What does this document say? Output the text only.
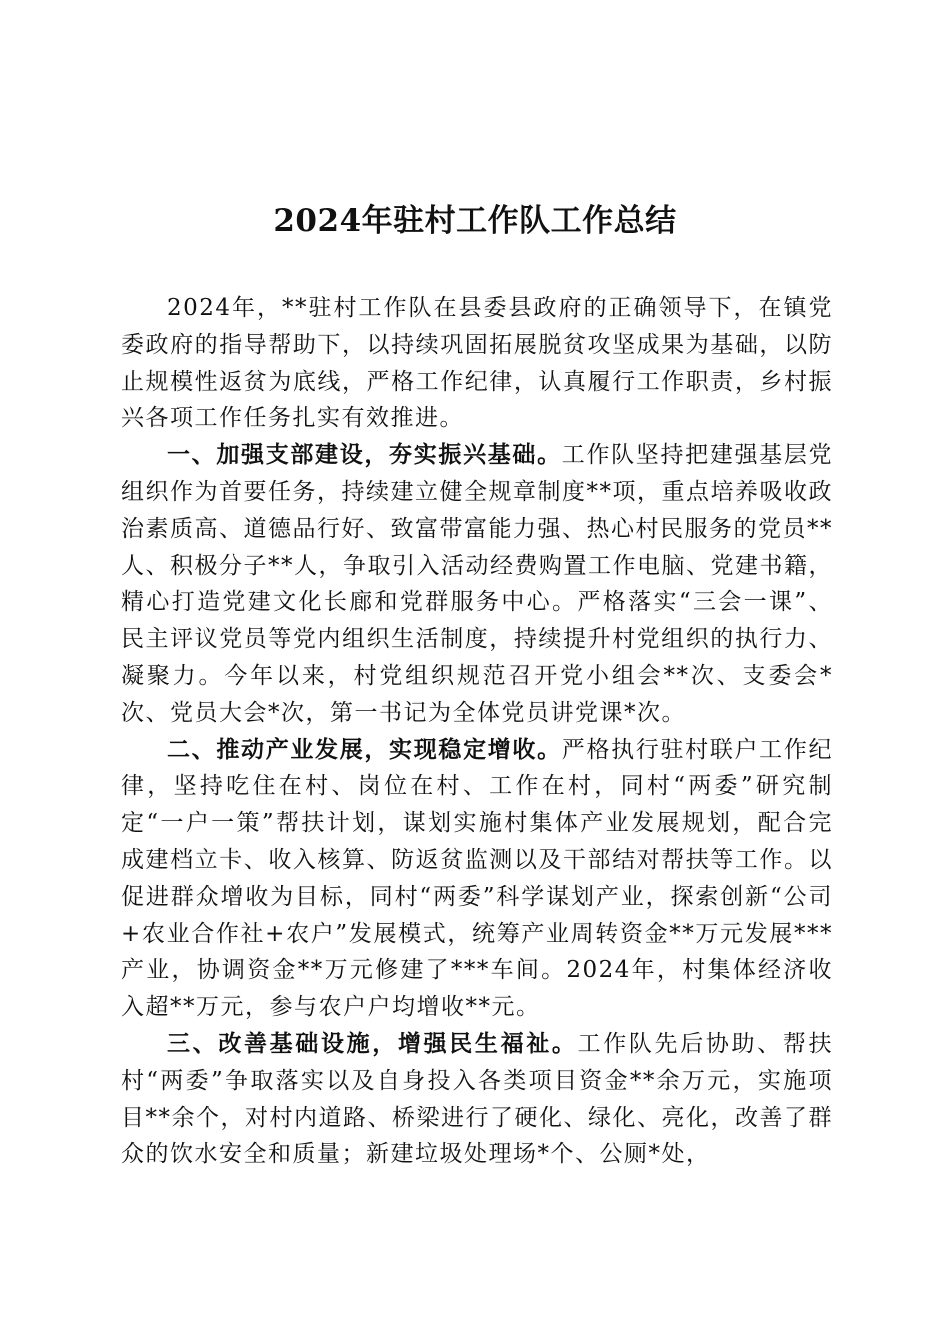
2024年驻村工作队工作总结

2024年，**驻村工作队在县委县政府的正确领导下，在镇党委政府的指导帮助下，以持续巩固拓展脱贫攻坚成果为基础，以防止规模性返贫为底线，严格工作纪律，认真履行工作职责，乡村振兴各项工作任务扎实有效推进。

一、加强支部建设，夯实振兴基础。工作队坚持把建强基层党组织作为首要任务，持续建立健全规章制度**项，重点培养吸收政治素质高、道德品行好、致富带富能力强、热心村民服务的党员**人、积极分子**人，争取引入活动经费购置工作电脑、党建书籍，精心打造党建文化长廊和党群服务中心。严格落实“三会一课”、民主评议党员等党内组织生活制度，持续提升村党组织的执行力、凝聚力。今年以来，村党组织规范召开党小组会**次、支委会*次、党员大会*次，第一书记为全体党员讲党课*次。

二、推动产业发展，实现稳定增收。严格执行驻村联户工作纪律，坚持吃住在村、岗位在村、工作在村，同村“两委”研究制定“一户一策”帮扶计划，谋划实施村集体产业发展规划，配合完成建档立卡、收入核算、防返贫监测以及干部结对帮扶等工作。以促进群众增收为目标，同村“两委”科学谋划产业，探索创新“公司+农业合作社+农户”发展模式，统筹产业周转资金**万元发展***产业，协调资金**万元修建了***车间。2024年，村集体经济收入超**万元，参与农户户均增收**元。

三、改善基础设施，增强民生福祉。工作队先后协助、帮扶村“两委”争取落实以及自身投入各类项目资金**余万元，实施项目**余个，对村内道路、桥梁进行了硬化、绿化、亮化，改善了群众的饮水安全和质量；新建垃圾处理场*个、公厕*处，
